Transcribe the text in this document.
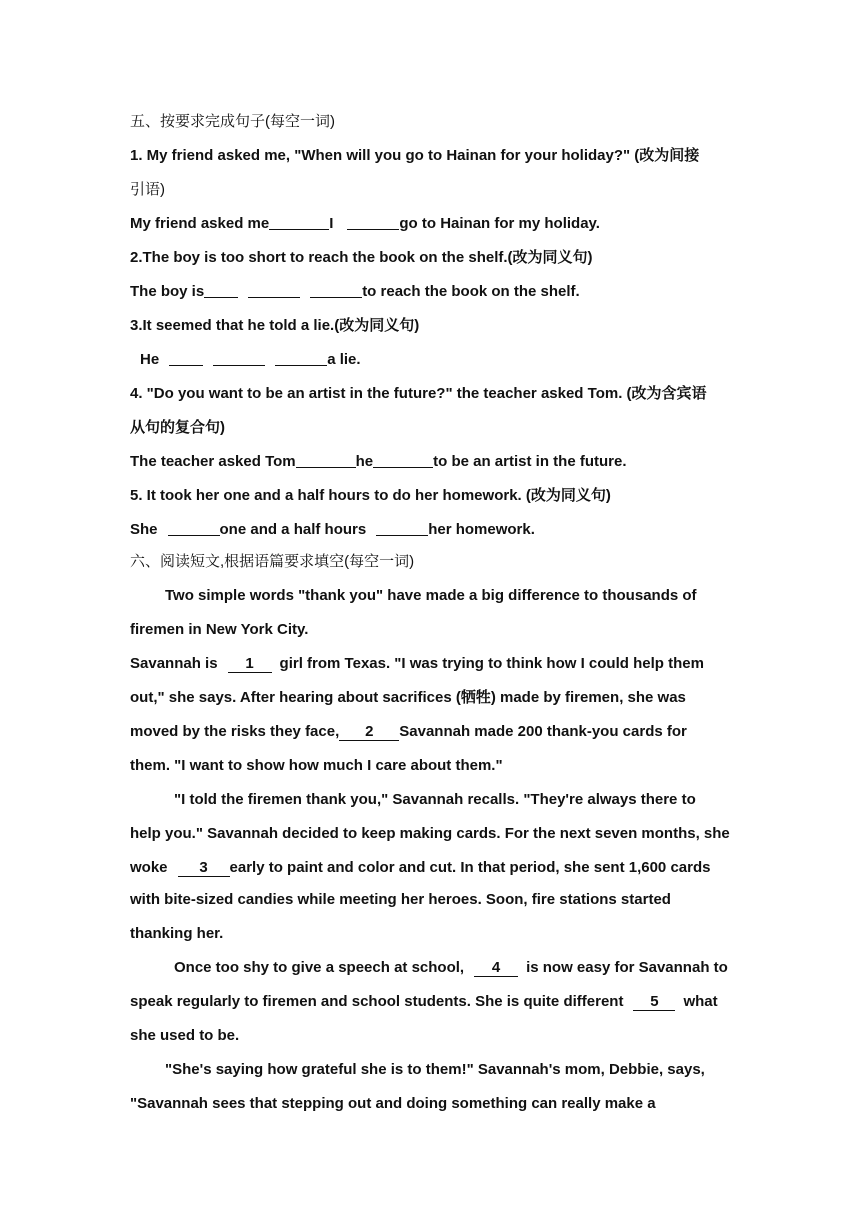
五、按要求完成句子(每空一词)
1. My friend asked me, "When will you go to Hainan for your holiday?" (改为间接
引语)
My friend asked me	I	go to Hainan for my holiday.
2.The boy is too short to reach the book on the shelf.(改为同义句)
The boy is	to reach the book on the shelf.
3.It seemed that he told a lie.(改为同义句)
He	a lie.
4. "Do you want to be an artist in the future?" the teacher asked Tom. (改为含宾语
从句的复合句)
The teacher asked Tom	he	to be an artist in the future.
5. It took her one and a half hours to do her homework. (改为同义句)
She	one and a half hours	her homework.
六、阅读短文,根据语篇要求填空(每空一词)
Two simple words "thank you" have made a big difference to thousands of
firemen in New York City.
Savannah is 1 girl from Texas. "I was trying to think how I could help them
out," she says. After hearing about sacrifices (牺牲) made by firemen, she was
moved by the risks they face, 2 Savannah made 200 thank-you cards for
them. "I want to show how much I care about them."
"I told the firemen thank you," Savannah recalls. "They're always there to
help you." Savannah decided to keep making cards. For the next seven months, she
woke 3 early to paint and color and cut. In that period, she sent 1,600 cards
with bite-sized candies while meeting her heroes. Soon, fire stations started
thanking her.
Once too shy to give a speech at school, 4 is now easy for Savannah to
speak regularly to firemen and school students. She is quite different 5 what
she used to be.
"She's saying how grateful she is to them!" Savannah's mom, Debbie, says,
"Savannah sees that stepping out and doing something can really make a
